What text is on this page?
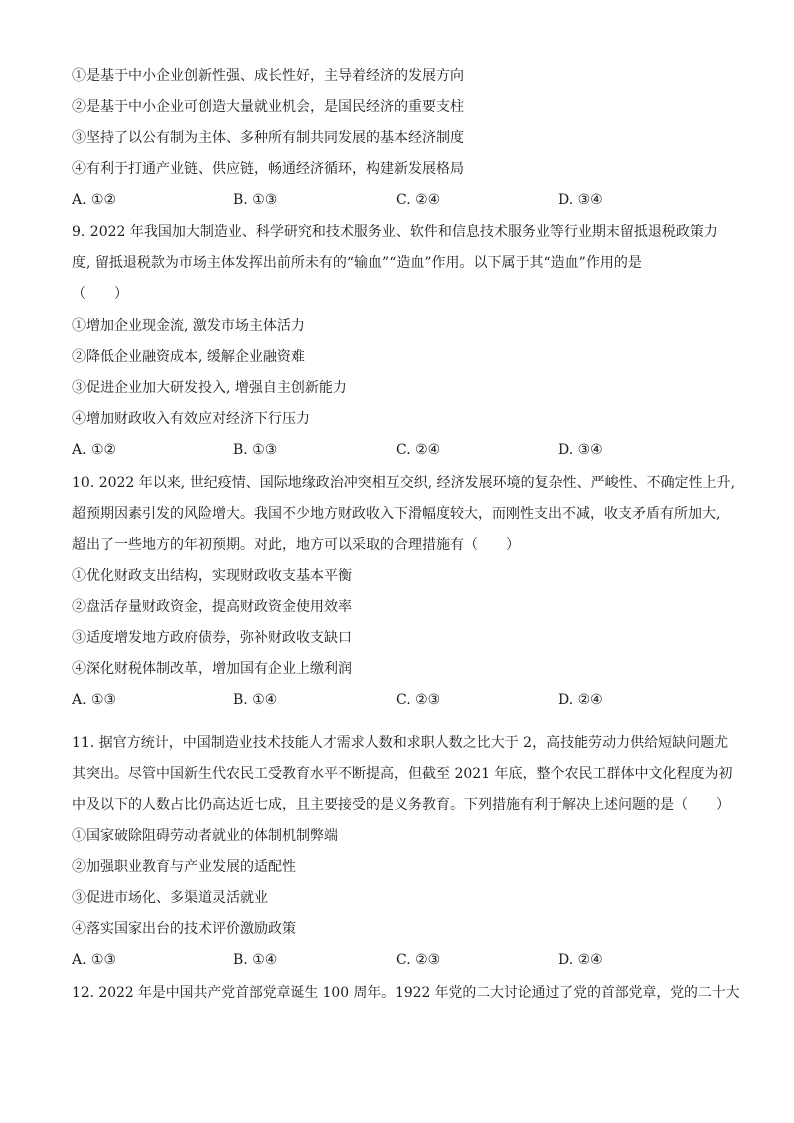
①是基于中小企业创新性强、成长性好，主导着经济的发展方向
②是基于中小企业可创造大量就业机会，是国民经济的重要支柱
③坚持了以公有制为主体、多种所有制共同发展的基本经济制度
④有利于打通产业链、供应链，畅通经济循环，构建新发展格局
A. ①②	B. ①③	C. ②④	D. ③④
9. 2022 年我国加大制造业、科学研究和技术服务业、软件和信息技术服务业等行业期末留抵退税政策力
度, 留抵退税款为市场主体发挥出前所未有的“输血”“造血”作用。以下属于其“造血”作用的是
（　　）
①增加企业现金流, 激发市场主体活力
②降低企业融资成本, 缓解企业融资难
③促进企业加大研发投入, 增强自主创新能力
④增加财政收入有效应对经济下行压力
A. ①②	B. ①③	C. ②④	D. ③④
10. 2022 年以来, 世纪疫情、国际地缘政治冲突相互交织, 经济发展环境的复杂性、严峻性、不确定性上升,
超预期因素引发的风险增大。我国不少地方财政收入下滑幅度较大，而刚性支出不减，收支矛盾有所加大,
超出了一些地方的年初预期。对此，地方可以采取的合理措施有（　　）
①优化财政支出结构，实现财政收支基本平衡
②盘活存量财政资金，提高财政资金使用效率
③适度增发地方政府债券，弥补财政收支缺口
④深化财税体制改革，增加国有企业上缴利润
A. ①③	B. ①④	C. ②③	D. ②④
11. 据官方统计，中国制造业技术技能人才需求人数和求职人数之比大于 2，高技能劳动力供给短缺问题尤
其突出。尽管中国新生代农民工受教育水平不断提高，但截至 2021 年底，整个农民工群体中文化程度为初
中及以下的人数占比仍高达近七成，且主要接受的是义务教育。下列措施有利于解决上述问题的是（　　）
①国家破除阻碍劳动者就业的体制机制弊端
②加强职业教育与产业发展的适配性
③促进市场化、多渠道灵活就业
④落实国家出台的技术评价激励政策
A. ①③	B. ①④	C. ②③	D. ②④
12. 2022 年是中国共产党首部党章诞生 100 周年。1922 年党的二大讨论通过了党的首部党章，党的二十大
